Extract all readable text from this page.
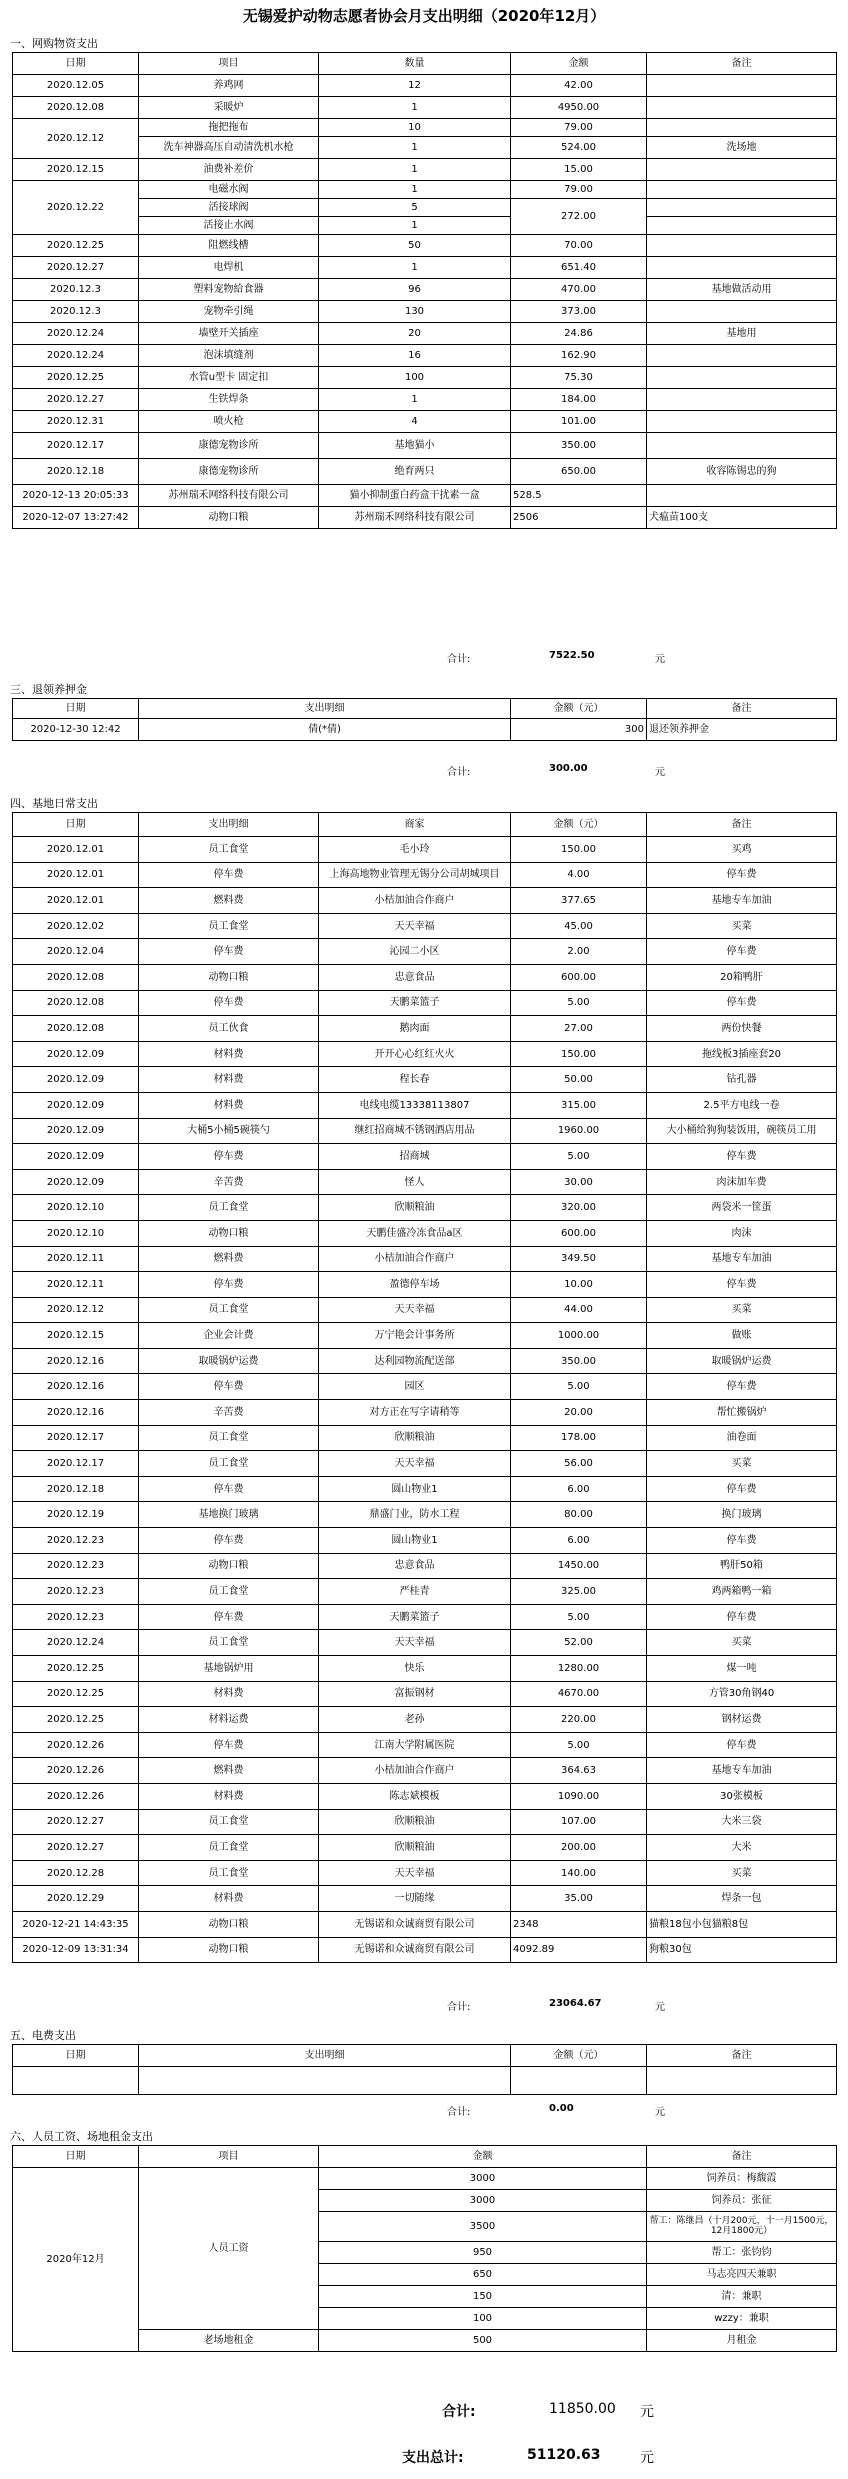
无锡爱护动物志愿者协会月支出明细（2020年12月）
一、网购物资支出
日期	项目	数量	金额	备注
2020.12.05	养鸡网	12	42.00	
2020.12.08	采暖炉	1	4950.00	
2020.12.12	拖把拖布	10	79.00	
	洗车神器高压自动清洗机水枪	1	524.00	洗场地
2020.12.15	油费补差价	1	15.00	
2020.12.22	电磁水阀	1	79.00	
	活接球阀	5	272.00	
	活接止水阀	1		
2020.12.25	阻燃线槽	50	70.00	
2020.12.27	电焊机	1	651.40	
2020.12.3	塑料宠物給食器	96	470.00	基地做活动用
2020.12.3	宠物牵引绳	130	373.00	
2020.12.24	墙壁开关插座	20	24.86	基地用
2020.12.24	泡沫填缝剂	16	162.90	
2020.12.25	水管u型卡 固定扣	100	75.30	
2020.12.27	生铁焊条	1	184.00	
2020.12.31	喷火枪	4	101.00	
2020.12.17	康德宠物诊所	基地猫小	350.00	
2020.12.18	康德宠物诊所	绝育两只	650.00	收容陈锡忠的狗
2020-12-13 20:05:33	苏州瑞禾网络科技有限公司	猫小抑制蛋白药盒干扰素一盒	528.5	
2020-12-07 13:27:42	动物口粮	苏州瑞禾网络科技有限公司	2506	犬瘟苗100支
合计:	7522.50	元
三、退领养押金
日期	支出明细	金额（元）	备注
2020-12-30 12:42	倩(*倩)	300	退还领养押金
合计:	300.00	元
四、基地日常支出
日期	支出明细	商家	金额（元）	备注
2020.12.01	员工食堂	毛小玲	150.00	买鸡
2020.12.01	停车费	上海高地物业管理无锡分公司胡城项目	4.00	停车费
2020.12.01	燃料费	小桔加油合作商户	377.65	基地专车加油
2020.12.02	员工食堂	天天幸福	45.00	买菜
2020.12.04	停车费	沁园二小区	2.00	停车费
2020.12.08	动物口粮	忠意食品	600.00	20箱鸭肝
2020.12.08	停车费	天鹏菜篮子	5.00	停车费
2020.12.08	员工伙食	鹅肉面	27.00	两份快餐
2020.12.09	材料费	开开心心红红火火	150.00	拖线板3插座套20
2020.12.09	材料费	程长春	50.00	钻孔器
2020.12.09	材料费	电线电缆13338113807	315.00	2.5平方电线一卷
2020.12.09	大桶5小桶5碗筷勺	继红招商城不锈钢酒店用品	1960.00	大小桶给狗狗装饭用，碗筷员工用
2020.12.09	停车费	招商城	5.00	停车费
2020.12.09	辛苦费	怪人	30.00	肉沫加车费
2020.12.10	员工食堂	欣顺粮油	320.00	两袋米一筐蛋
2020.12.10	动物口粮	天鹏佳盛冷冻食品a区	600.00	肉沫
2020.12.11	燃料费	小桔加油合作商户	349.50	基地专车加油
2020.12.11	停车费	盈德停车场	10.00	停车费
2020.12.12	员工食堂	天天幸福	44.00	买菜
2020.12.15	企业会计费	万宁艳会计事务所	1000.00	做账
2020.12.16	取暖锅炉运费	达利园物流配送部	350.00	取暖锅炉运费
2020.12.16	停车费	园区	5.00	停车费
2020.12.16	辛苦费	对方正在写字请稍等	20.00	帮忙搬锅炉
2020.12.17	员工食堂	欣顺粮油	178.00	油卷面
2020.12.17	员工食堂	天天幸福	56.00	买菜
2020.12.18	停车费	圆山物业1	6.00	停车费
2020.12.19	基地换门玻璃	鼎盛门业，防水工程	80.00	换门玻璃
2020.12.23	停车费	圆山物业1	6.00	停车费
2020.12.23	动物口粮	忠意食品	1450.00	鸭肝50箱
2020.12.23	员工食堂	严桂青	325.00	鸡两箱鸭一箱
2020.12.23	停车费	天鹏菜篮子	5.00	停车费
2020.12.24	员工食堂	天天幸福	52.00	买菜
2020.12.25	基地锅炉用	快乐	1280.00	煤一吨
2020.12.25	材料费	富振钢材	4670.00	方管30角钢40
2020.12.25	材料运费	老孙	220.00	钢材运费
2020.12.26	停车费	江南大学附属医院	5.00	停车费
2020.12.26	燃料费	小桔加油合作商户	364.63	基地专车加油
2020.12.26	材料费	陈志斌模板	1090.00	30张模板
2020.12.27	员工食堂	欣顺粮油	107.00	大米三袋
2020.12.27	员工食堂	欣顺粮油	200.00	大米
2020.12.28	员工食堂	天天幸福	140.00	买菜
2020.12.29	材料费	一切随缘	35.00	焊条一包
2020-12-21 14:43:35	动物口粮	无锡诺和众诚商贸有限公司	2348	猫粮18包小包猫粮8包
2020-12-09 13:31:34	动物口粮	无锡诺和众诚商贸有限公司	4092.89	狗粮30包
合计:	23064.67	元
五、电费支出
日期	支出明细	金额（元）	备注

合计:	0.00	元
六、人员工资、场地租金支出
日期	项目	金额	备注
2020年12月	人员工资	3000	饲养员：梅馥霞
		3000	饲养员：张征
		3500	帮工：陈继昌（十月200元，十一月1500元，12月1800元）
		950	帮工：张钧钧
		650	马志亮四天兼职
		150	清：兼职
		100	wzzy：兼职
	老场地租金	500	月租金
合计:	11850.00 元
支出总计:	51120.63	元
